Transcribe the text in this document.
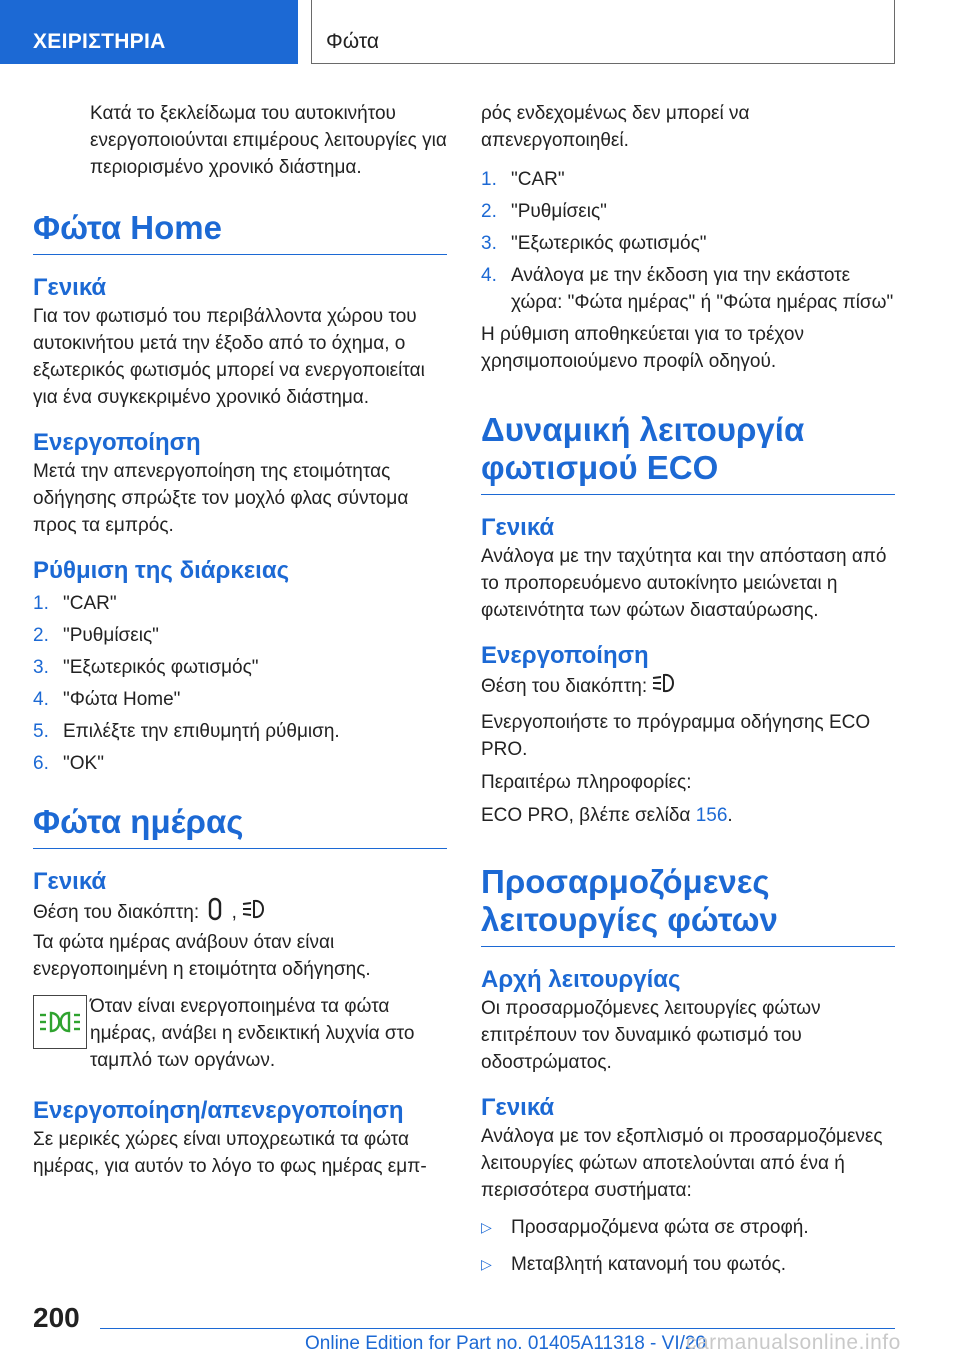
ΧΕΙΡΙΣΤΗΡΙΑ	Φώτα

Κατά το ξεκλείδωμα του αυτοκινήτου ενεργοποιούνται επιμέρους λειτουργίες για περιορισμένο χρονικό διάστημα.

Φώτα Home
Γενικά

Για τον φωτισμό του περιβάλλοντα χώρου του αυτοκινήτου μετά την έξοδο από το όχημα, ο εξωτερικός φωτισμός μπορεί να ενεργοποιείται για ένα συγκεκριμένο χρονικό διάστημα.

Ενεργοποίηση

Μετά την απενεργοποίηση της ετοιμότητας οδήγησης σπρώξτε τον μοχλό φλας σύντομα προς τα εμπρός.

Ρύθμιση της διάρκειας
1. "CAR"
2. "Ρυθμίσεις"
3. "Εξωτερικός φωτισμός"
4. "Φώτα Home"
5. Επιλέξτε την επιθυμητή ρύθμιση.
6. "OK"
Φώτα ημέρας
Γενικά

Θέση του διακόπτη: ,

Τα φώτα ημέρας ανάβουν όταν είναι ενεργοποιημένη η ετοιμότητα οδήγησης.

Όταν είναι ενεργοποιημένα τα φώτα ημέρας, ανάβει η ενδεικτική λυχνία στο ταμπλό των οργάνων.

Ενεργοποίηση/απενεργοποίηση

Σε μερικές χώρες είναι υποχρεωτικά τα φώτα ημέρας, για αυτόν το λόγο το φως ημέρας εμπ-

ρός ενδεχομένως δεν μπορεί να απενεργοποιηθεί.

1. "CAR"
2. "Ρυθμίσεις"
3. "Εξωτερικός φωτισμός"
4. Ανάλογα με την έκδοση για την εκάστοτε χώρα: "Φώτα ημέρας" ή "Φώτα ημέρας πίσω"

Η ρύθμιση αποθηκεύεται για το τρέχον χρησιμοποιούμενο προφίλ οδηγού.

Δυναμική λειτουργία φωτισμού ECO
Γενικά

Ανάλογα με την ταχύτητα και την απόσταση από το προπορευόμενο αυτοκίνητο μειώνεται η φωτεινότητα των φώτων διασταύρωσης.

Ενεργοποίηση

Θέση του διακόπτη:

Ενεργοποιήστε το πρόγραμμα οδήγησης ECO PRO.

Περαιτέρω πληροφορίες:

ECO PRO, βλέπε σελίδα 156.

Προσαρμοζόμενες λειτουργίες φώτων
Αρχή λειτουργίας

Οι προσαρμοζόμενες λειτουργίες φώτων επιτρέπουν τον δυναμικό φωτισμό του οδοστρώματος.

Γενικά

Ανάλογα με τον εξοπλισμό οι προσαρμοζόμενες λειτουργίες φώτων αποτελούνται από ένα ή περισσότερα συστήματα:

▷ Προσαρμοζόμενα φώτα σε στροφή.
▷ Μεταβλητή κατανομή του φωτός.
200
Online Edition for Part no. 01405A11318 - VI/20
carmanualsonline.info
